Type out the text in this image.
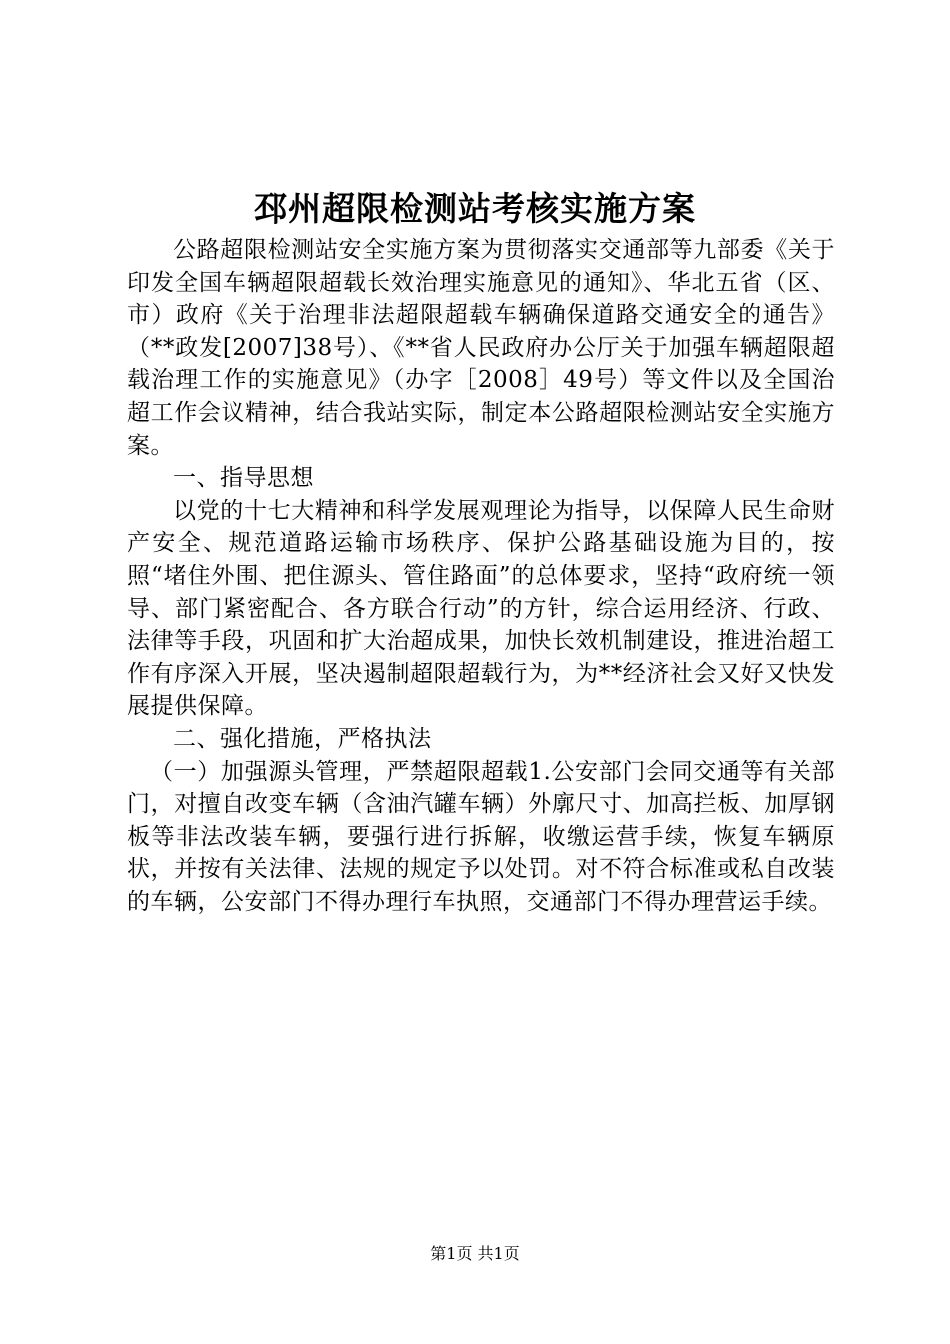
邳州超限检测站考核实施方案

公路超限检测站安全实施方案为贯彻落实交通部等九部委《关于印发全国车辆超限超载长效治理实施意见的通知》、华北五省（区、市）政府《关于治理非法超限超载车辆确保道路交通安全的通告》（**政发[2007]38号）、《**省人民政府办公厅关于加强车辆超限超载治理工作的实施意见》（办字［2008］49号）等文件以及全国治超工作会议精神，结合我站实际，制定本公路超限检测站安全实施方案。

一、指导思想

以党的十七大精神和科学发展观理论为指导，以保障人民生命财产安全、规范道路运输市场秩序、保护公路基础设施为目的，按照“堵住外围、把住源头、管住路面”的总体要求，坚持“政府统一领导、部门紧密配合、各方联合行动”的方针，综合运用经济、行政、法律等手段，巩固和扩大治超成果，加快长效机制建设，推进治超工作有序深入开展，坚决遏制超限超载行为，为**经济社会又好又快发展提供保障。

二、强化措施，严格执法

（一）加强源头管理，严禁超限超载1.公安部门会同交通等有关部门，对擅自改变车辆（含油汽罐车辆）外廓尺寸、加高拦板、加厚钢板等非法改装车辆，要强行进行拆解，收缴运营手续，恢复车辆原状，并按有关法律、法规的规定予以处罚。对不符合标准或私自改装的车辆，公安部门不得办理行车执照，交通部门不得办理营运手续。

第1页 共1页
